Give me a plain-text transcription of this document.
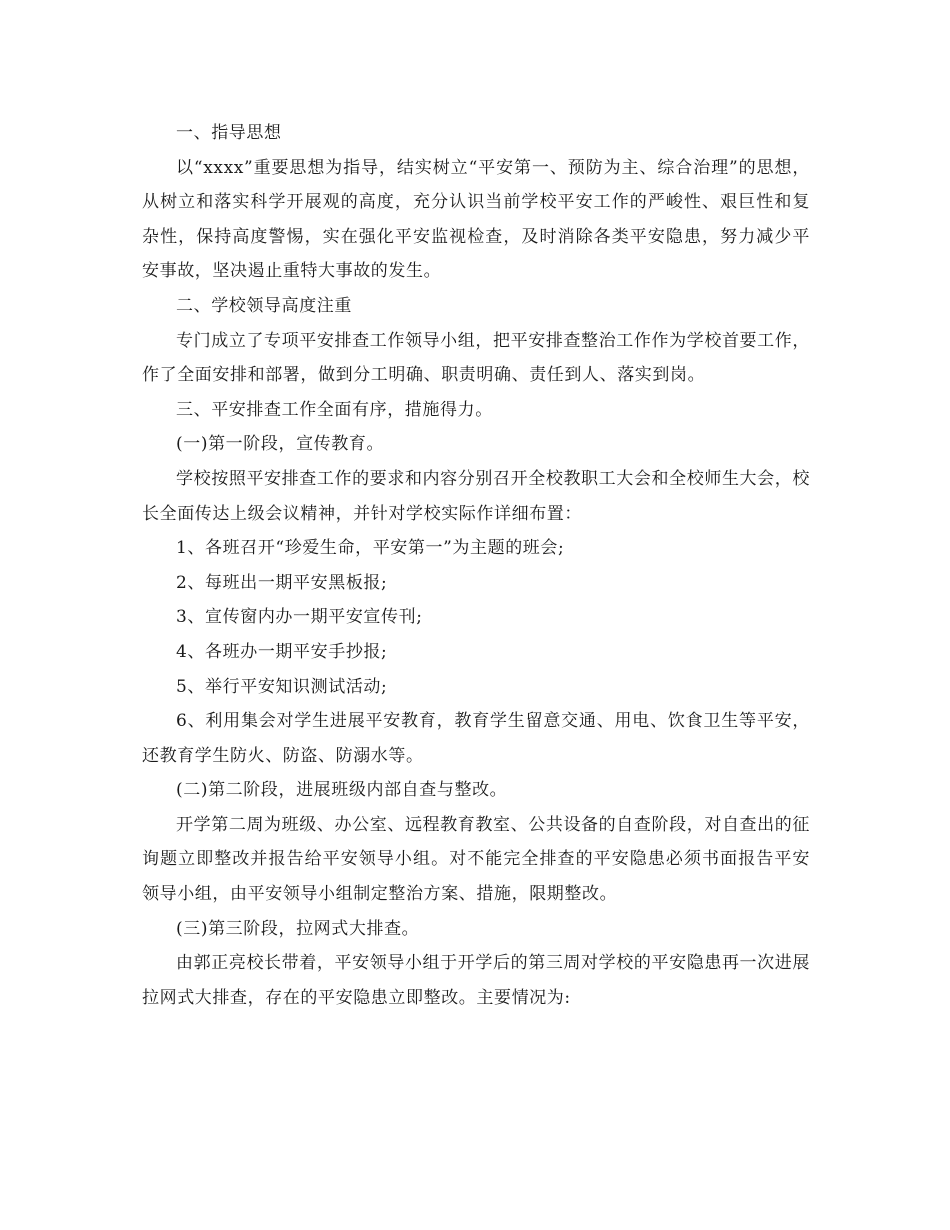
一、指导思想

以“xxxx”重要思想为指导，结实树立“平安第一、预防为主、综合治理”的思想，从树立和落实科学开展观的高度，充分认识当前学校平安工作的严峻性、艰巨性和复杂性，保持高度警惕，实在强化平安监视检查，及时消除各类平安隐患，努力减少平安事故，坚决遏止重特大事故的发生。

二、学校领导高度注重

专门成立了专项平安排查工作领导小组，把平安排查整治工作作为学校首要工作，作了全面安排和部署，做到分工明确、职责明确、责任到人、落实到岗。

三、平安排查工作全面有序，措施得力。

(一)第一阶段，宣传教育。

学校按照平安排查工作的要求和内容分别召开全校教职工大会和全校师生大会，校长全面传达上级会议精神，并针对学校实际作详细布置：

1、各班召开“珍爱生命，平安第一”为主题的班会;

2、每班出一期平安黑板报;

3、宣传窗内办一期平安宣传刊;

4、各班办一期平安手抄报;

5、举行平安知识测试活动;

6、利用集会对学生进展平安教育，教育学生留意交通、用电、饮食卫生等平安，还教育学生防火、防盗、防溺水等。

(二)第二阶段，进展班级内部自查与整改。

开学第二周为班级、办公室、远程教育教室、公共设备的自查阶段，对自查出的征询题立即整改并报告给平安领导小组。对不能完全排查的平安隐患必须书面报告平安领导小组，由平安领导小组制定整治方案、措施，限期整改。

(三)第三阶段，拉网式大排查。

由郭正亮校长带着，平安领导小组于开学后的第三周对学校的平安隐患再一次进展拉网式大排查，存在的平安隐患立即整改。主要情况为:
